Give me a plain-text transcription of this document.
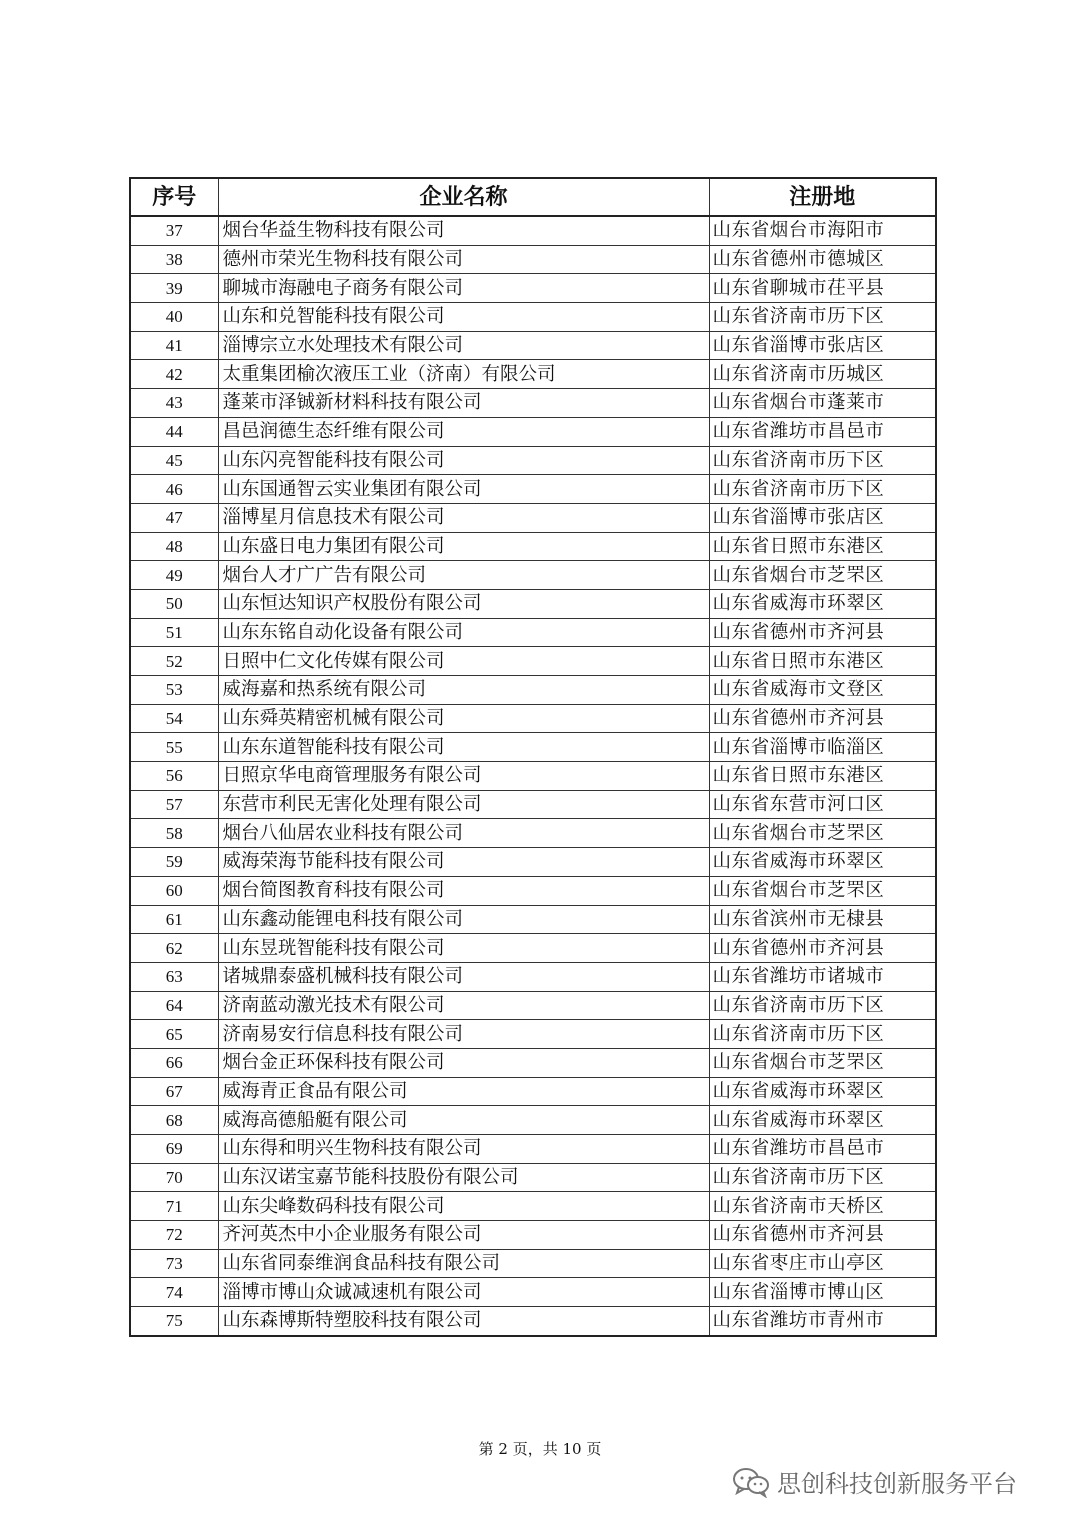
序号	企业名称	注册地
37	烟台华益生物科技有限公司	山东省烟台市海阳市
38	德州市荣光生物科技有限公司	山东省德州市德城区
39	聊城市海融电子商务有限公司	山东省聊城市茌平县
40	山东和兑智能科技有限公司	山东省济南市历下区
41	淄博宗立水处理技术有限公司	山东省淄博市张店区
42	太重集团榆次液压工业（济南）有限公司	山东省济南市历城区
43	蓬莱市泽铖新材料科技有限公司	山东省烟台市蓬莱市
44	昌邑润德生态纤维有限公司	山东省潍坊市昌邑市
45	山东闪亮智能科技有限公司	山东省济南市历下区
46	山东国通智云实业集团有限公司	山东省济南市历下区
47	淄博星月信息技术有限公司	山东省淄博市张店区
48	山东盛日电力集团有限公司	山东省日照市东港区
49	烟台人才广广告有限公司	山东省烟台市芝罘区
50	山东恒达知识产权股份有限公司	山东省威海市环翠区
51	山东东铭自动化设备有限公司	山东省德州市齐河县
52	日照中仁文化传媒有限公司	山东省日照市东港区
53	威海嘉和热系统有限公司	山东省威海市文登区
54	山东舜英精密机械有限公司	山东省德州市齐河县
55	山东东道智能科技有限公司	山东省淄博市临淄区
56	日照京华电商管理服务有限公司	山东省日照市东港区
57	东营市利民无害化处理有限公司	山东省东营市河口区
58	烟台八仙居农业科技有限公司	山东省烟台市芝罘区
59	威海荣海节能科技有限公司	山东省威海市环翠区
60	烟台简图教育科技有限公司	山东省烟台市芝罘区
61	山东鑫动能锂电科技有限公司	山东省滨州市无棣县
62	山东昱珖智能科技有限公司	山东省德州市齐河县
63	诸城鼎泰盛机械科技有限公司	山东省潍坊市诸城市
64	济南蓝动激光技术有限公司	山东省济南市历下区
65	济南易安行信息科技有限公司	山东省济南市历下区
66	烟台金正环保科技有限公司	山东省烟台市芝罘区
67	威海青正食品有限公司	山东省威海市环翠区
68	威海高德船艇有限公司	山东省威海市环翠区
69	山东得和明兴生物科技有限公司	山东省潍坊市昌邑市
70	山东汉诺宝嘉节能科技股份有限公司	山东省济南市历下区
71	山东尖峰数码科技有限公司	山东省济南市天桥区
72	齐河英杰中小企业服务有限公司	山东省德州市齐河县
73	山东省同泰维润食品科技有限公司	山东省枣庄市山亭区
74	淄博市博山众诚减速机有限公司	山东省淄博市博山区
75	山东森博斯特塑胶科技有限公司	山东省潍坊市青州市
第 2 页，共 10 页
思创科技创新服务平台
